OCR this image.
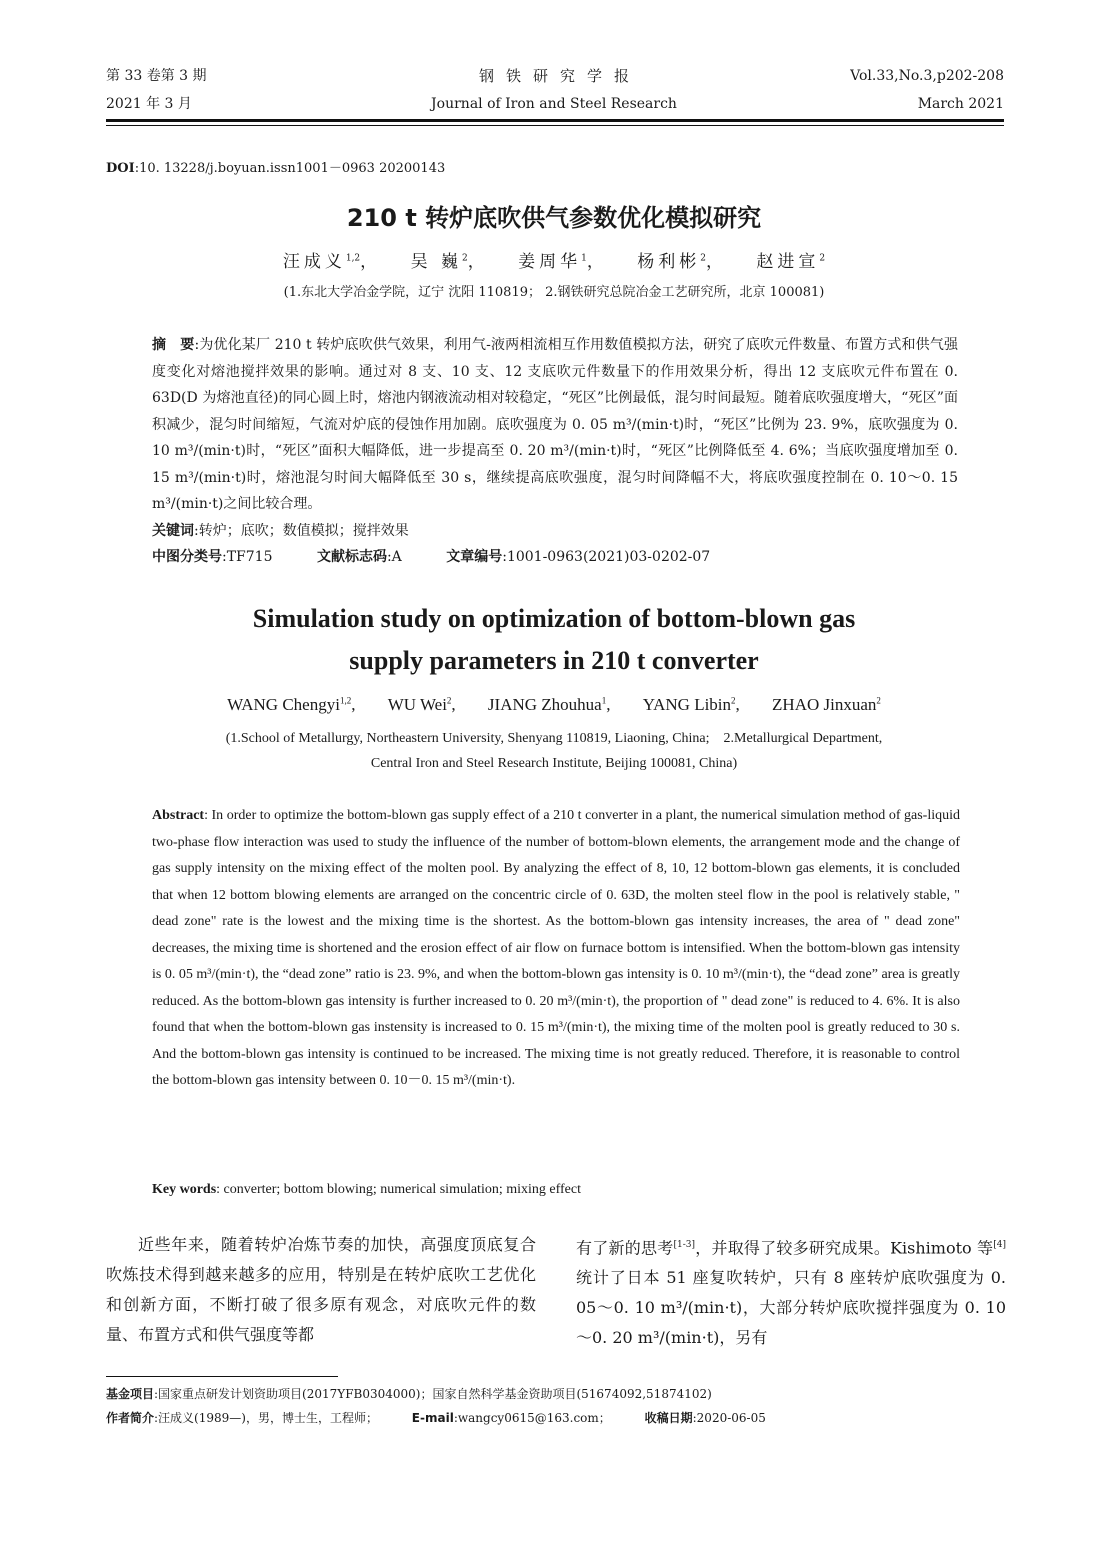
第 33 卷第 3 期
2021 年 3 月
钢铁研究学报
Journal of Iron and Steel Research
Vol.33,No.3,p202-208
March 2021
DOI:10. 13228/j.boyuan.issn1001－0963 20200143
210 t 转炉底吹供气参数优化模拟研究
汪成义$^{1,2}$， 吴 巍$^2$， 姜周华$^1$， 杨利彬$^2$， 赵进宣$^2$
(1.东北大学冶金学院，辽宁 沈阳 110819； 2.钢铁研究总院冶金工艺研究所，北京 100081)
摘　要:为优化某厂 210 t 转炉底吹供气效果，利用气-液两相流相互作用数值模拟方法，研究了底吹元件数量、布置方式和供气强度变化对熔池搅拌效果的影响。通过对 8 支、10 支、12 支底吹元件数量下的作用效果分析，得出 12 支底吹元件布置在 0. 63D(D 为熔池直径)的同心圆上时，熔池内钢液流动相对较稳定，“死区”比例最低，混匀时间最短。随着底吹强度增大，“死区”面积减少，混匀时间缩短，气流对炉底的侵蚀作用加剧。底吹强度为 0. 05 m³/(min·t)时，“死区”比例为 23. 9%，底吹强度为 0. 10 m³/(min·t)时，“死区”面积大幅降低，进一步提高至 0. 20 m³/(min·t)时，“死区”比例降低至 4. 6%；当底吹强度增加至 0. 15 m³/(min·t)时，熔池混匀时间大幅降低至 30 s，继续提高底吹强度，混匀时间降幅不大，将底吹强度控制在 0. 10～0. 15 m³/(min·t)之间比较合理。
关键词:转炉；底吹；数值模拟；搅拌效果
中图分类号:TF715	文献标志码:A	文章编号:1001-0963(2021)03-0202-07
Simulation study on optimization of bottom-blown gas
supply parameters in 210 t converter
WANG Chengyi$^{1,2}$, WU Wei$^2$, JIANG Zhouhua$^1$, YANG Libin$^2$, ZHAO Jinxuan$^2$
(1.School of Metallurgy, Northeastern University, Shenyang 110819, Liaoning, China;　2.Metallurgical Department,
Central Iron and Steel Research Institute, Beijing 100081, China)
Abstract: In order to optimize the bottom-blown gas supply effect of a 210 t converter in a plant, the numerical simulation method of gas-liquid two-phase flow interaction was used to study the influence of the number of bottom-blown elements, the arrangement mode and the change of gas supply intensity on the mixing effect of the molten pool. By analyzing the effect of 8, 10, 12 bottom-blown gas elements, it is concluded that when 12 bottom blowing elements are arranged on the concentric circle of 0. 63D, the molten steel flow in the pool is relatively stable, " dead zone" rate is the lowest and the mixing time is the shortest. As the bottom-blown gas intensity increases, the area of " dead zone" decreases, the mixing time is shortened and the erosion effect of air flow on furnace bottom is intensified. When the bottom-blown gas intensity is 0. 05 m³/(min·t), the “dead zone” ratio is 23. 9%, and when the bottom-blown gas intensity is 0. 10 m³/(min·t), the “dead zone” area is greatly reduced. As the bottom-blown gas intensity is further increased to 0. 20 m³/(min·t), the proportion of " dead zone" is reduced to 4. 6%. It is also found that when the bottom-blown gas instensity is increased to 0. 15 m³/(min·t), the mixing time of the molten pool is greatly reduced to 30 s. And the bottom-blown gas intensity is continued to be increased. The mixing time is not greatly reduced. Therefore, it is reasonable to control the bottom-blown gas intensity between 0. 10－0. 15 m³/(min·t).
Key words: converter; bottom blowing; numerical simulation; mixing effect
近些年来，随着转炉冶炼节奏的加快，高强度顶底复合吹炼技术得到越来越多的应用，特别是在转炉底吹工艺优化和创新方面，不断打破了很多原有观念，对底吹元件的数量、布置方式和供气强度等都
有了新的思考[1-3]，并取得了较多研究成果。Kishimoto 等[4]统计了日本 51 座复吹转炉，只有 8 座转炉底吹强度为 0. 05～0. 10 m³/(min·t)，大部分转炉底吹搅拌强度为 0. 10～0. 20 m³/(min·t)，另有
基金项目:国家重点研发计划资助项目(2017YFB0304000)；国家自然科学基金资助项目(51674092,51874102)
作者简介:汪成义(1989—)，男，博士生，工程师；	E-mail:wangcy0615@163.com；	收稿日期:2020-06-05
